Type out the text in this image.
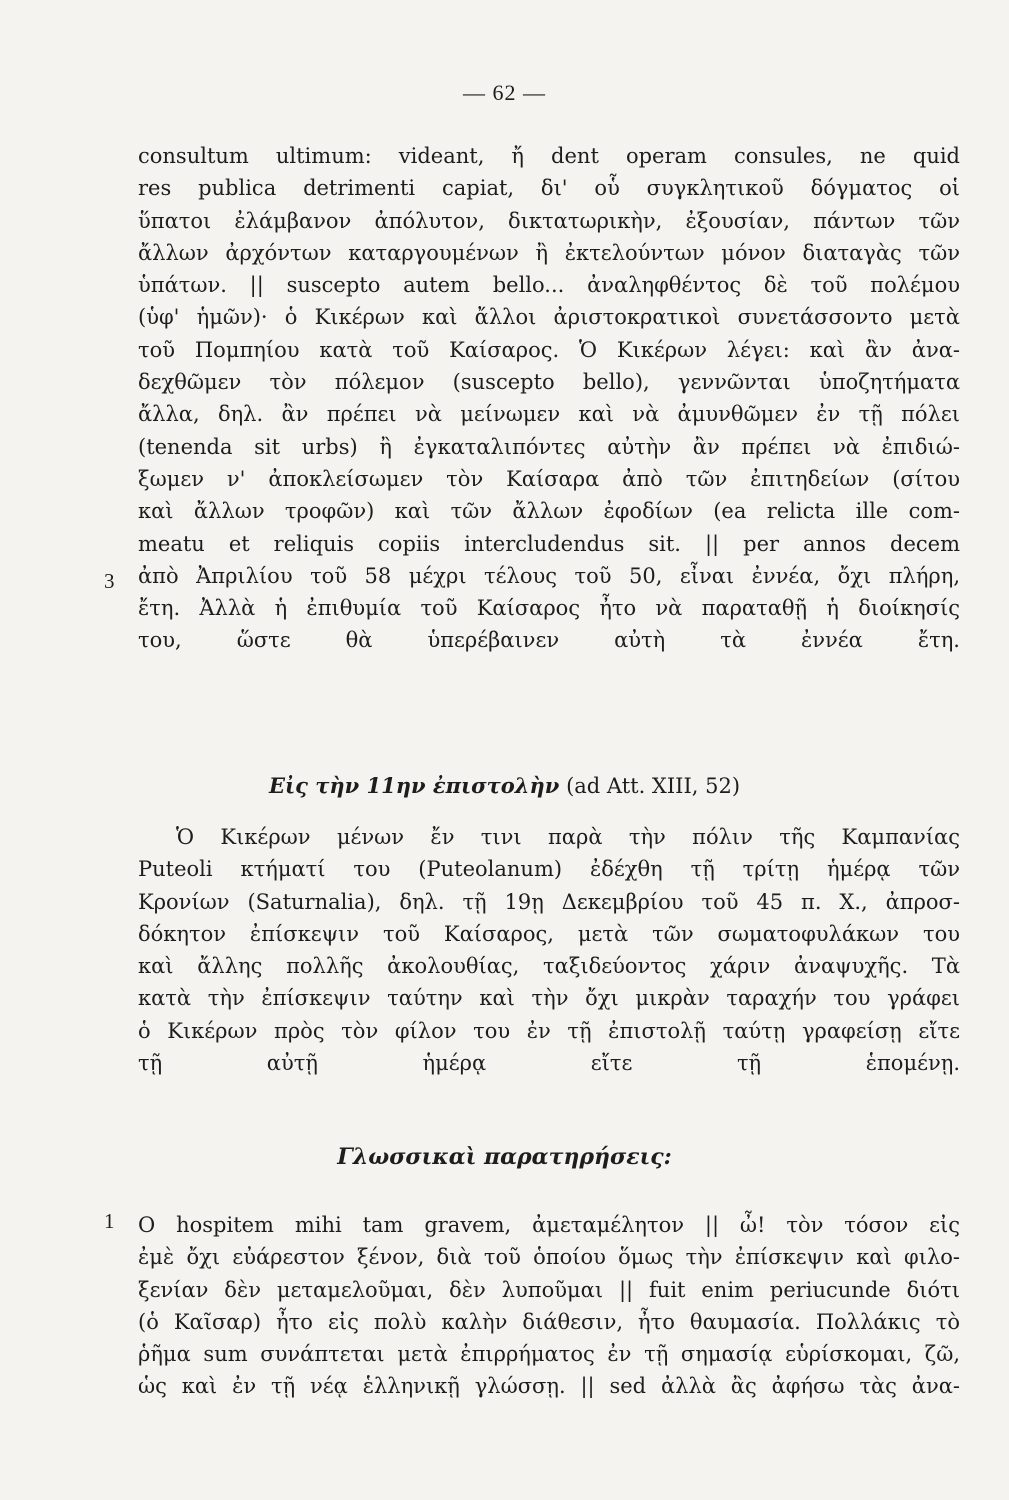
— 62 —
3
consultum ultimum: videant, ἤ dent operam consules, ne quid
res publica detrimenti capiat, δι' οὗ συγκλητικοῦ δόγματος οἱ
ὕπατοι ἐλάμβανον ἀπόλυτον, δικτατωρικὴν, ἐξουσίαν, πάντων τῶν
ἄλλων ἀρχόντων καταργουμένων ἢ ἐκτελούντων μόνον διαταγὰς τῶν
ὑπάτων. || suscepto autem bello... ἀναληφθέντος δὲ τοῦ πολέμου
(ὑφ' ἡμῶν)· ὁ Κικέρων καὶ ἄλλοι ἀριστοκρατικοὶ συνετάσσοντο μετὰ
τοῦ Πομπηίου κατὰ τοῦ Καίσαρος. Ὁ Κικέρων λέγει: καὶ ἂν ἀνα-
δεχθῶμεν τὸν πόλεμον (suscepto bello), γεννῶνται ὑποζητήματα
ἄλλα, δηλ. ἂν πρέπει νὰ μείνωμεν καὶ νὰ ἀμυνθῶμεν ἐν τῇ πόλει
(tenenda sit urbs) ἢ ἐγκαταλιπόντες αὐτὴν ἂν πρέπει νὰ ἐπιδιώ-
ξωμεν ν' ἀποκλείσωμεν τὸν Καίσαρα ἀπὸ τῶν ἐπιτηδείων (σίτου
καὶ ἄλλων τροφῶν) καὶ τῶν ἄλλων ἐφοδίων (ea relicta ille com-
meatu et reliquis copiis intercludendus sit. || per annos decem
ἀπὸ Ἀπριλίου τοῦ 58 μέχρι τέλους τοῦ 50, εἶναι ἐννέα, ὄχι πλήρη,
ἔτη. Ἀλλὰ ἡ ἐπιθυμία τοῦ Καίσαρος ἦτο νὰ παραταθῇ ἡ διοίκησίς
του, ὥστε θὰ ὑπερέβαινεν αὐτὴ τὰ ἐννέα ἔτη.
Εἰς τὴν 11ην ἐπιστολὴν (ad Att. XIII, 52)
Ὁ Κικέρων μένων ἔν τινι παρὰ τὴν πόλιν τῆς Καμπανίας
Puteoli κτήματί του (Puteolanum) ἐδέχθη τῇ τρίτῃ ἡμέρᾳ τῶν
Κρονίων (Saturnalia), δηλ. τῇ 19ῃ Δεκεμβρίου τοῦ 45 π. Χ., ἀπροσ-
δόκητον ἐπίσκεψιν τοῦ Καίσαρος, μετὰ τῶν σωματοφυλάκων του
καὶ ἄλλης πολλῆς ἀκολουθίας, ταξιδεύοντος χάριν ἀναψυχῆς. Τὰ
κατὰ τὴν ἐπίσκεψιν ταύτην καὶ τὴν ὄχι μικρὰν ταραχήν του γράφει
ὁ Κικέρων πρὸς τὸν φίλον του ἐν τῇ ἐπιστολῇ ταύτῃ γραφείσῃ εἴτε
τῇ αὐτῇ ἡμέρᾳ εἴτε τῇ ἑπομένῃ.
Γλωσσικαὶ παρατηρήσεις:
1 O hospitem mihi tam gravem, ἀμεταμέλητον || ὦ! τὸν τόσον εἰς
ἐμὲ ὄχι εὐάρεστον ξένον, διὰ τοῦ ὁποίου ὅμως τὴν ἐπίσκεψιν καὶ φιλο-
ξενίαν δὲν μεταμελοῦμαι, δὲν λυποῦμαι || fuit enim periucunde διότι
(ὁ Καῖσαρ) ἦτο εἰς πολὺ καλὴν διάθεσιν, ἦτο θαυμασία. Πολλάκις τὸ
ῥῆμα sum συνάπτεται μετὰ ἐπιρρήματος ἐν τῇ σημασίᾳ εὑρίσκομαι, ζῶ,
ὡς καὶ ἐν τῇ νέᾳ ἑλληνικῇ γλώσσῃ. || sed ἀλλὰ ἂς ἀφήσω τὰς ἀνα-
